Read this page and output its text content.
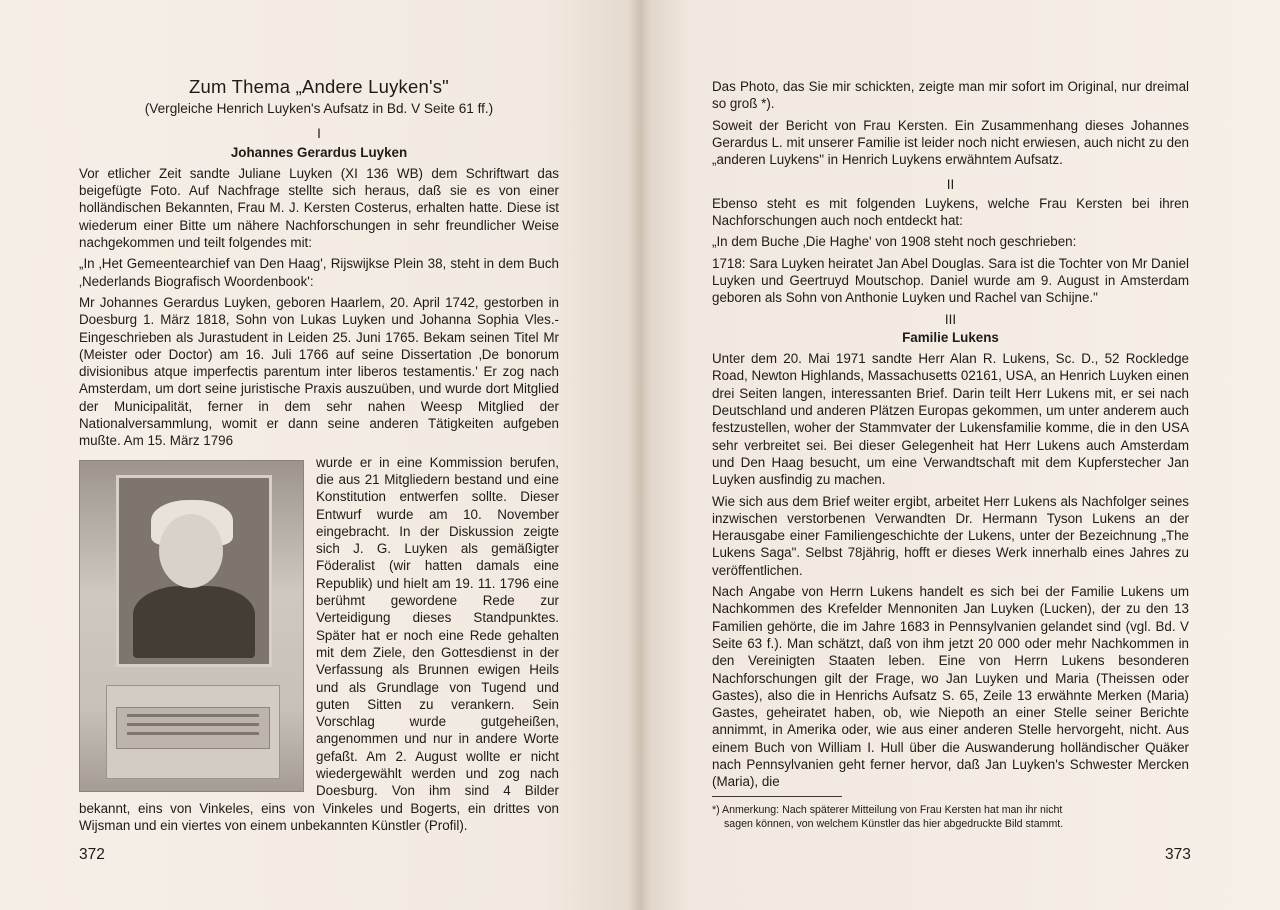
Zum Thema „Andere Luyken's"

(Vergleiche Henrich Luyken's Aufsatz in Bd. V Seite 61 ff.)

I

Johannes Gerardus Luyken

Vor etlicher Zeit sandte Juliane Luyken (XI 136 WB) dem Schriftwart das beigefügte Foto. Auf Nachfrage stellte sich heraus, daß sie es von einer holländischen Bekannten, Frau M. J. Kersten Costerus, erhalten hatte. Diese ist wiederum einer Bitte um nähere Nachforschungen in sehr freundlicher Weise nachgekommen und teilt folgendes mit:

„In ‚Het Gemeentearchief van Den Haag', Rijswijkse Plein 38, steht in dem Buch ‚Nederlands Biografisch Woordenbook':

Mr Johannes Gerardus Luyken, geboren Haarlem, 20. April 1742, gestorben in Doesburg 1. März 1818, Sohn von Lukas Luyken und Johanna Sophia Vles.-Eingeschrieben als Jurastudent in Leiden 25. Juni 1765. Bekam seinen Titel Mr (Meister oder Doctor) am 16. Juli 1766 auf seine Dissertation ‚De bonorum divisionibus atque imperfectis parentum inter liberos testamentis.' Er zog nach Amsterdam, um dort seine juristische Praxis auszuüben, und wurde dort Mitglied der Municipalität, ferner in dem sehr nahen Weesp Mitglied der Nationalversammlung, womit er dann seine anderen Tätigkeiten aufgeben mußte. Am 15. März 1796

wurde er in eine Kommission berufen, die aus 21 Mitgliedern bestand und eine Konstitution entwerfen sollte. Dieser Entwurf wurde am 10. November eingebracht. In der Diskussion zeigte sich J. G. Luyken als gemäßigter Föderalist (wir hatten damals eine Republik) und hielt am 19. 11. 1796 eine berühmt gewordene Rede zur Verteidigung dieses Standpunktes. Später hat er noch eine Rede gehalten mit dem Ziele, den Gottesdienst in der Verfassung als Brunnen ewigen Heils und als Grundlage von Tugend und guten Sitten zu verankern. Sein Vorschlag wurde gutgeheißen, angenommen und nur in andere Worte gefaßt. Am 2. August wollte er nicht wiedergewählt werden und zog nach Doesburg. Von ihm sind 4 Bilder bekannt, eins von Vinkeles, eins von Vinkeles und Bogerts, ein drittes von Wijsman und ein viertes von einem unbekannten Künstler (Profil).

372

Das Photo, das Sie mir schickten, zeigte man mir sofort im Original, nur dreimal so groß *).

Soweit der Bericht von Frau Kersten. Ein Zusammenhang dieses Johannes Gerardus L. mit unserer Familie ist leider noch nicht erwiesen, auch nicht zu den „anderen Luykens" in Henrich Luykens erwähntem Aufsatz.

II

Ebenso steht es mit folgenden Luykens, welche Frau Kersten bei ihren Nachforschungen auch noch entdeckt hat:

„In dem Buche ‚Die Haghe' von 1908 steht noch geschrieben:

1718: Sara Luyken heiratet Jan Abel Douglas. Sara ist die Tochter von Mr Daniel Luyken und Geertruyd Moutschop. Daniel wurde am 9. August in Amsterdam geboren als Sohn von Anthonie Luyken und Rachel van Schijne."

III

Familie Lukens

Unter dem 20. Mai 1971 sandte Herr Alan R. Lukens, Sc. D., 52 Rockledge Road, Newton Highlands, Massachusetts 02161, USA, an Henrich Luyken einen drei Seiten langen, interessanten Brief. Darin teilt Herr Lukens mit, er sei nach Deutschland und anderen Plätzen Europas gekommen, um unter anderem auch festzustellen, woher der Stammvater der Lukensfamilie komme, die in den USA sehr verbreitet sei. Bei dieser Gelegenheit hat Herr Lukens auch Amsterdam und Den Haag besucht, um eine Verwandtschaft mit dem Kupferstecher Jan Luyken ausfindig zu machen.

Wie sich aus dem Brief weiter ergibt, arbeitet Herr Lukens als Nachfolger seines inzwischen verstorbenen Verwandten Dr. Hermann Tyson Lukens an der Herausgabe einer Familiengeschichte der Lukens, unter der Bezeichnung „The Lukens Saga". Selbst 78jährig, hofft er dieses Werk innerhalb eines Jahres zu veröffentlichen.

Nach Angabe von Herrn Lukens handelt es sich bei der Familie Lukens um Nachkommen des Krefelder Mennoniten Jan Luyken (Lucken), der zu den 13 Familien gehörte, die im Jahre 1683 in Pennsylvanien gelandet sind (vgl. Bd. V Seite 63 f.). Man schätzt, daß von ihm jetzt 20 000 oder mehr Nachkommen in den Vereinigten Staaten leben. Eine von Herrn Lukens besonderen Nachforschungen gilt der Frage, wo Jan Luyken und Maria (Theissen oder Gastes), also die in Henrichs Aufsatz S. 65, Zeile 13 erwähnte Merken (Maria) Gastes, geheiratet haben, ob, wie Niepoth an einer Stelle seiner Berichte annimmt, in Amerika oder, wie aus einer anderen Stelle hervorgeht, nicht. Aus einem Buch von William I. Hull über die Auswanderung holländischer Quäker nach Pennsylvanien geht ferner hervor, daß Jan Luyken's Schwester Mercken (Maria), die

*) Anmerkung: Nach späterer Mitteilung von Frau Kersten hat man ihr nicht
sagen können, von welchem Künstler das hier abgedruckte Bild stammt.
373
